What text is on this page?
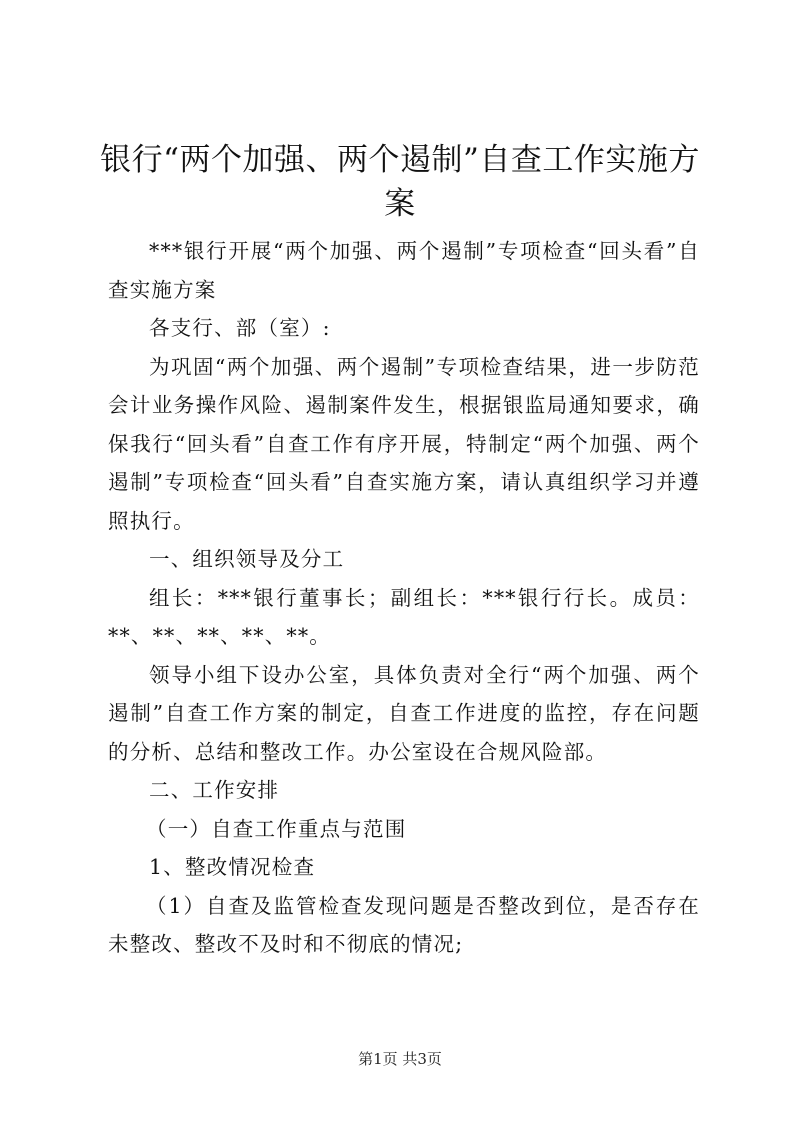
银行“两个加强、两个遏制”自查工作实施方案

***银行开展“两个加强、两个遏制”专项检查“回头看”自查实施方案

各支行、部（室）:

为巩固“两个加强、两个遏制”专项检查结果，进一步防范会计业务操作风险、遏制案件发生，根据银监局通知要求，确保我行“回头看”自查工作有序开展，特制定“两个加强、两个遏制”专项检查“回头看”自查实施方案，请认真组织学习并遵照执行。

一、组织领导及分工

组长：***银行董事长；副组长：***银行行长。成员：**、**、**、**、**。

领导小组下设办公室，具体负责对全行“两个加强、两个遏制”自查工作方案的制定，自查工作进度的监控，存在问题的分析、总结和整改工作。办公室设在合规风险部。

二、工作安排

（一）自查工作重点与范围

1、整改情况检查

（1）自查及监管检查发现问题是否整改到位，是否存在未整改、整改不及时和不彻底的情况;

第1页 共3页
